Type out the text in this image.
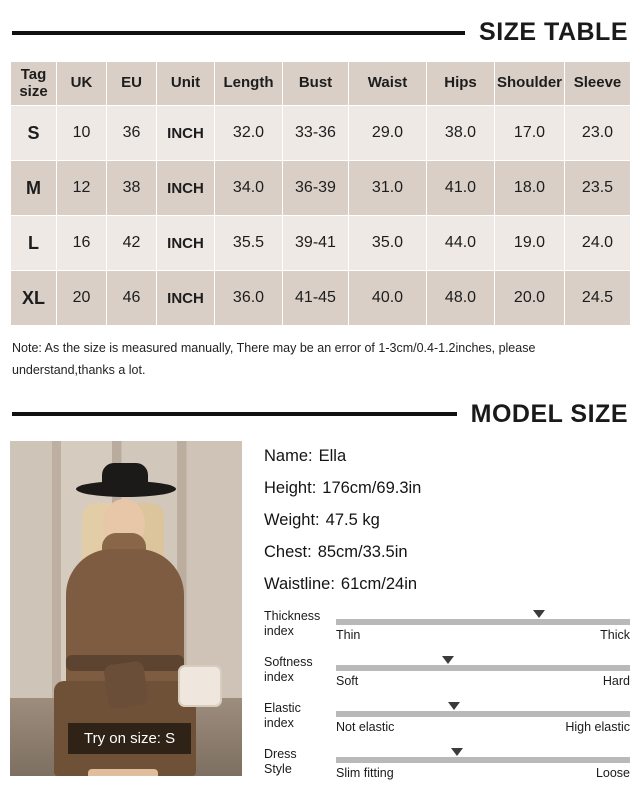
SIZE TABLE
Tag
size	UK	EU	Unit	Length	Bust	Waist	Hips	Shoulder	Sleeve
S	10	36	INCH	32.0	33-36	29.0	38.0	17.0	23.0
M	12	38	INCH	34.0	36-39	31.0	41.0	18.0	23.5
L	16	42	INCH	35.5	39-41	35.0	44.0	19.0	24.0
XL	20	46	INCH	36.0	41-45	40.0	48.0	20.0	24.5
Note: As the size is measured manually, There may be an error of 1-3cm/0.4-1.2inches, please
understand,thanks a lot.
MODEL SIZE
Try on size: S
Name: Ella
Height: 176cm/69.3in
Weight: 47.5 kg
Chest: 85cm/33.5in
Waistline: 61cm/24in
Thickness
index	Thin	Thick
Softness
index	Soft	Hard
Elastic
index	Not elastic	High elastic
Dress
Style	Slim fitting	Loose
